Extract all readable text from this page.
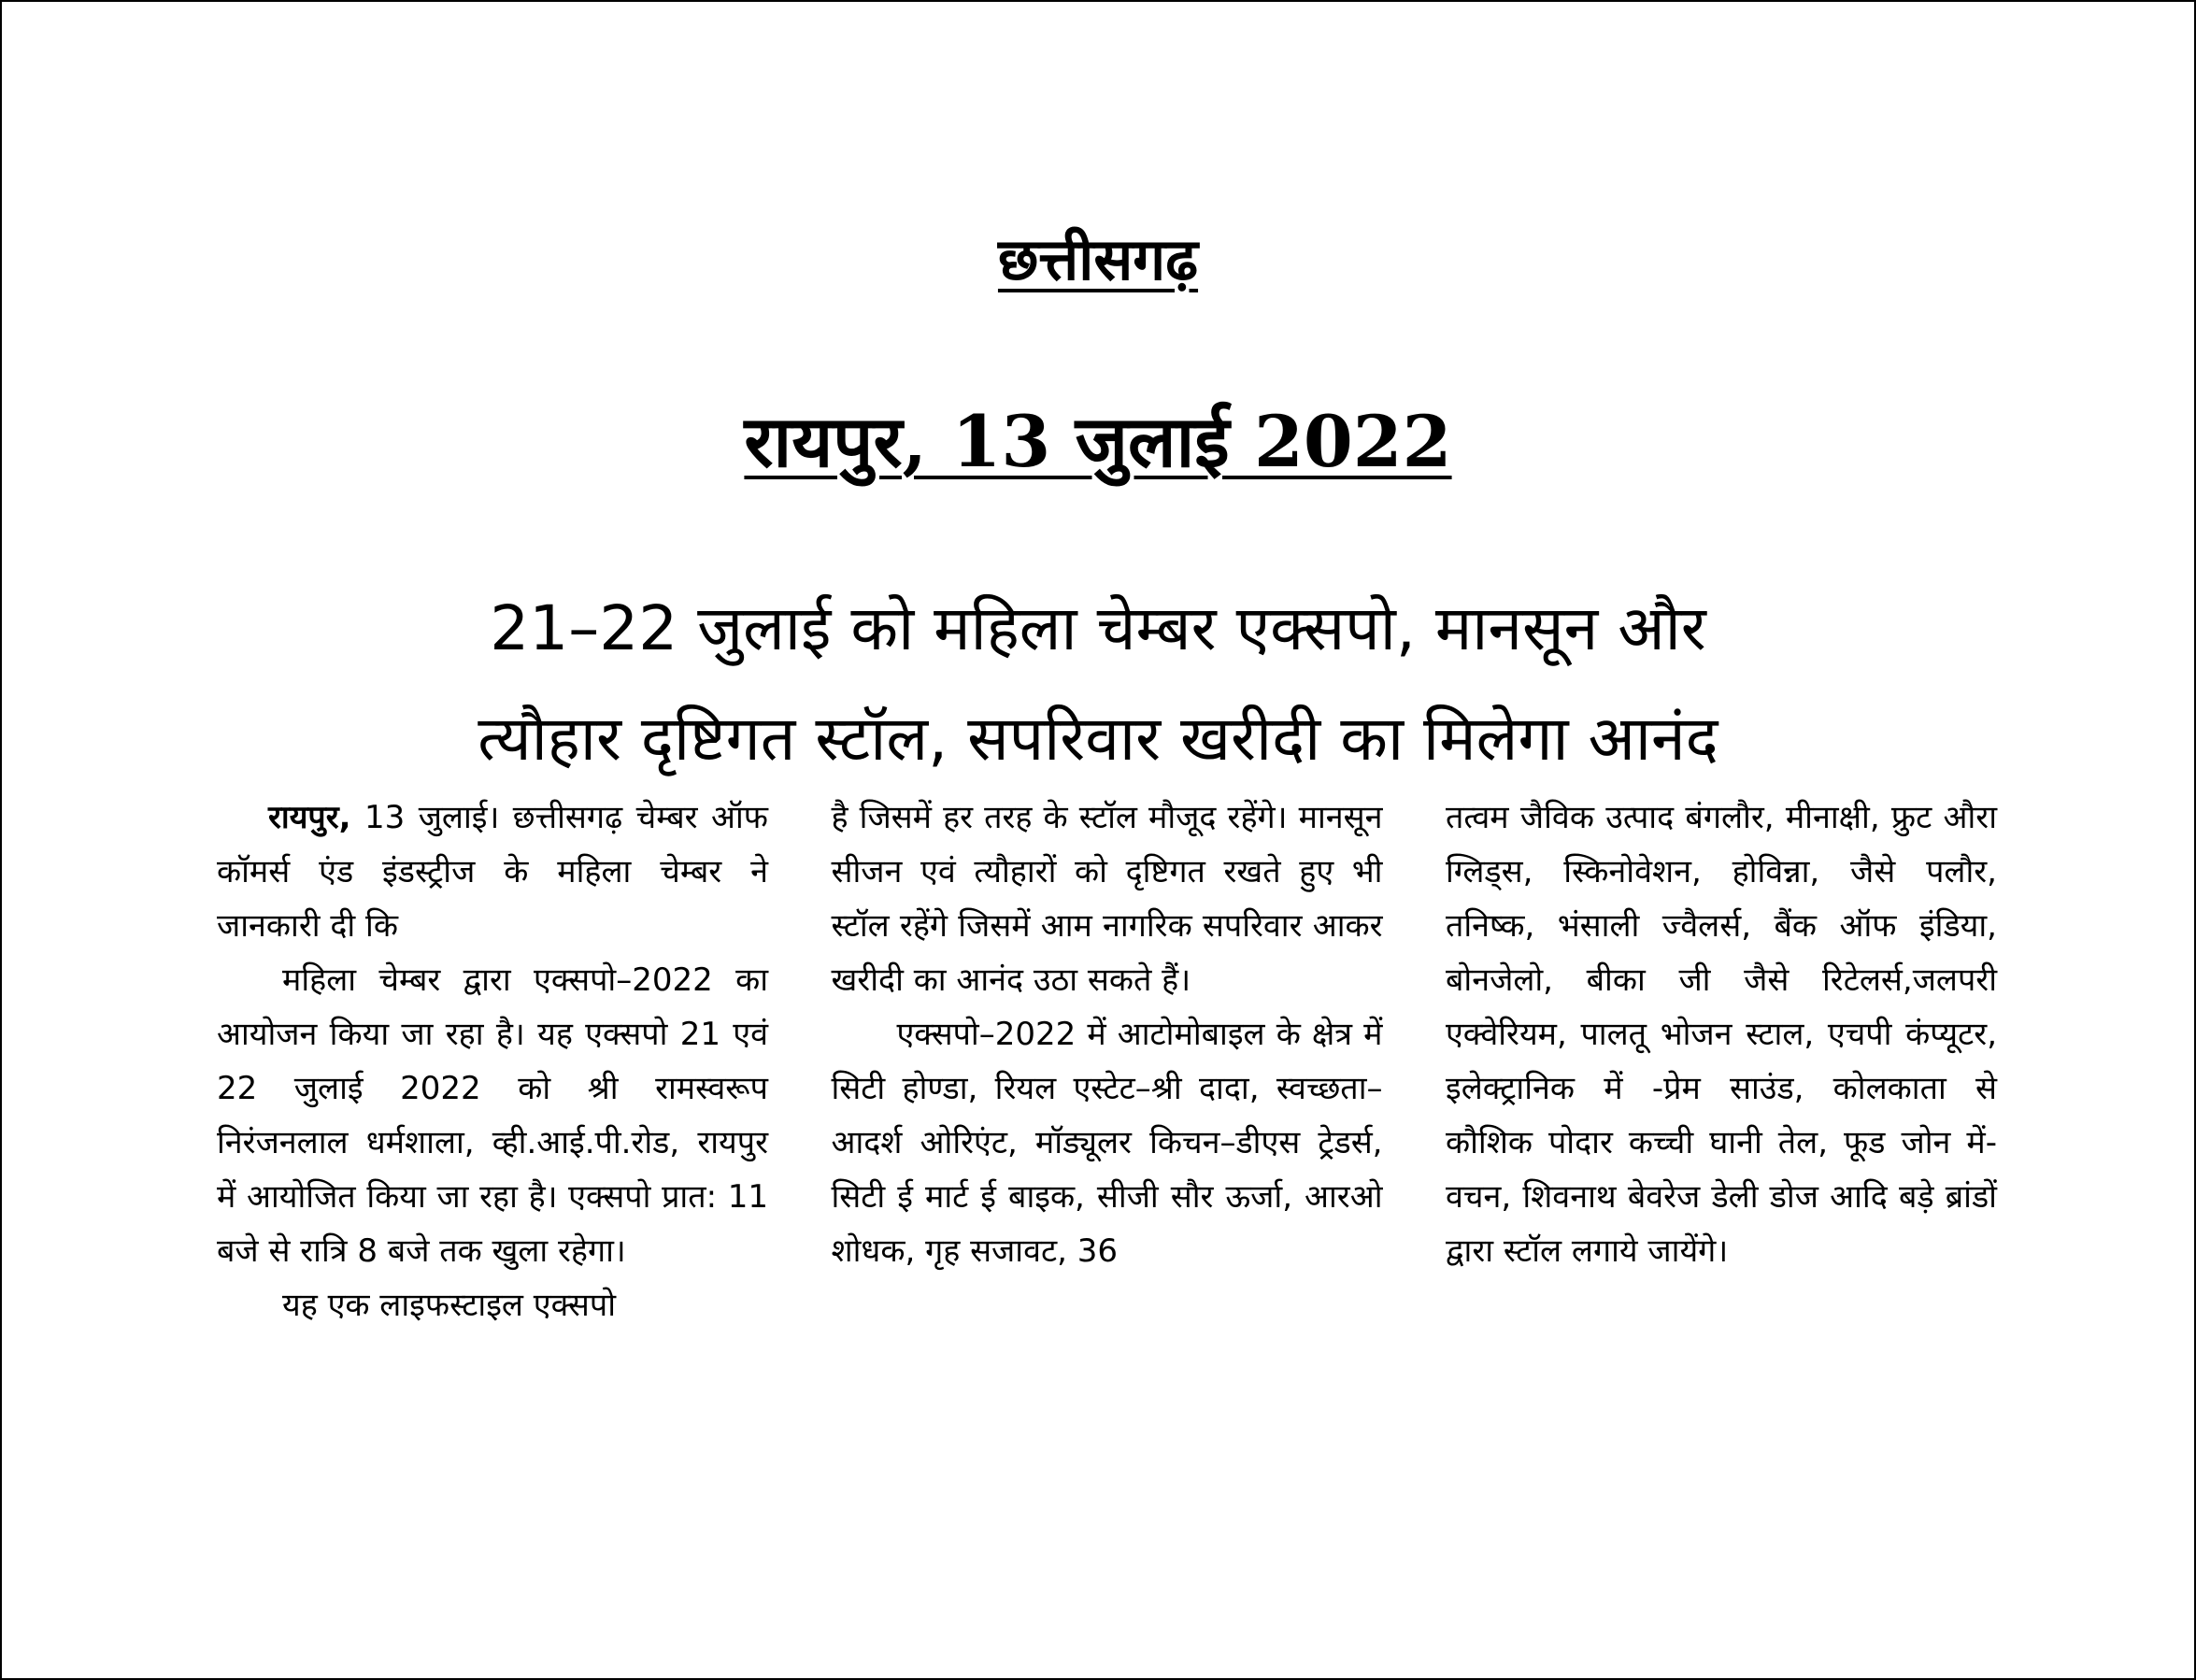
छत्तीसगढ़
रायपुर, 13 जुलाई 2022
21–22 जुलाई को महिला चेम्बर एक्सपो, मानसून और
त्यौहार दृष्टिगत स्टॉल, सपरिवार खरीदी का मिलेगा आनंद

रायपुर, 13 जुलाई। छत्तीसगढ़ चेम्बर ऑफ कॉमर्स एंड इंडस्ट्रीज के महिला चेम्बर ने जानकारी दी कि

महिला चेम्बर द्वारा एक्सपो–2022 का आयोजन किया जा रहा है। यह एक्सपो 21 एवं 22 जुलाई 2022 को श्री रामस्वरूप निरंजनलाल धर्मशाला, व्ही.आई.पी.रोड, रायपुर में आयोजित किया जा रहा है। एक्सपो प्रात: 11 बजे से रात्रि 8 बजे तक खुला रहेगा।

यह एक लाइफस्टाइल एक्सपो

है जिसमें हर तरह के स्टॉल मौजूद रहेंगे। मानसून सीजन एवं त्यौहारों को दृष्टिगत रखते हुए भी स्टॉल रहेंगे जिसमें आम नागरिक सपरिवार आकर खरीदी का आनंद उठा सकते हैं।

एक्सपो–2022 में आटोमोबाइल के क्षेत्र में सिटी होण्डा, रियल एस्टेट–श्री दादा, स्वच्छता–आदर्श ओरिएंट, मॉड्यूलर किचन–डीएस ट्रेडर्स, सिटी ई मार्ट ई बाइक, सीजी सौर ऊर्जा, आरओ शोधक, गृह सजावट, 36

तत्वम जैविक उत्पाद बंगलौर, मीनाक्षी, फ्रुट औरा ग्लिड्स, स्किनोवेशन, होविन्ना, जैसे पलौर, तनिष्क, भंसाली ज्वैलर्स, बैंक ऑफ इंडिया, बोनजेलो, बीका जी जैसे रिटेलर्स,जलपरी एक्वेरियम, पालतू भोजन स्टाल, एचपी कंप्यूटर, इलेक्ट्रानिक में -प्रेम साउंड, कोलकाता से कौशिक पोदार कच्ची घानी तेल, फूड जोन में-वचन, शिवनाथ बेवरेज डेली डोज आदि बड़े ब्रांडों द्वारा स्टॉल लगाये जायेंगे।
